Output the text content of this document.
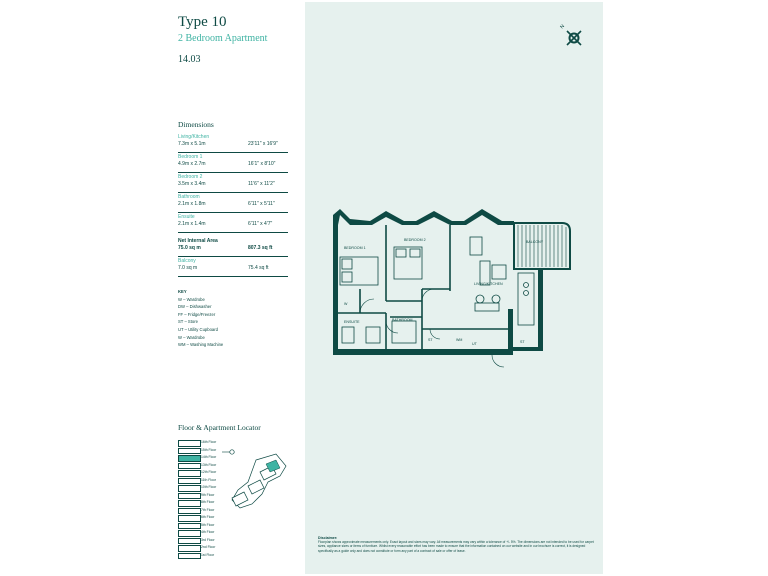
Type 10
2 Bedroom Apartment
14.03
Dimensions
Living/Kitchen
7.3m x 5.1m	23'11" x 16'9"
Bedroom 1
4.9m x 2.7m	16'1" x 8'10"
Bedroom 2
3.5m x 3.4m	11'6" x 11'2"
Bathroom
2.1m x 1.8m	6'11" x 5'11"
Ensuite
2.1m x 1.4m	6'11" x 4'7"
Net Internal Area
75.0 sq m	807.3 sq ft
Balcony
7.0 sq m	75.4 sq ft
KEY
W – Wardrobe
DW – Dishwasher
FF – Fridge/Freezer
ST – Store
UT – Utility Cupboard
W – Wardrobe
WM – Washing Machine
Floor & Apartment Locator
16th Floor
15th Floor
14th Floor
13th Floor
12th Floor
11th Floor
10th Floor
9th Floor
8th Floor
7th Floor
6th Floor
5th Floor
4th Floor
3rd Floor
2nd Floor
1st Floor
N
BEDROOM 1
BEDROOM 2
LIVING/KITCHEN
BALCONY
ENSUITE	BATHROOM
ST	WM
UT	ST
W
Disclaimer:
Floorplan shows approximate measurements only. Exact layout and sizes may vary. All measurements may vary within a tolerance of +/- 5%. The dimensions are not intended to be used for carpet sizes, appliance sizes or items of furniture. Whilst every reasonable effort has been made to ensure that the information contained on our website and in our brochure is correct, it is designed specifically as a guide only and does not constitute or form any part of a contract of sale or offer of lease.
